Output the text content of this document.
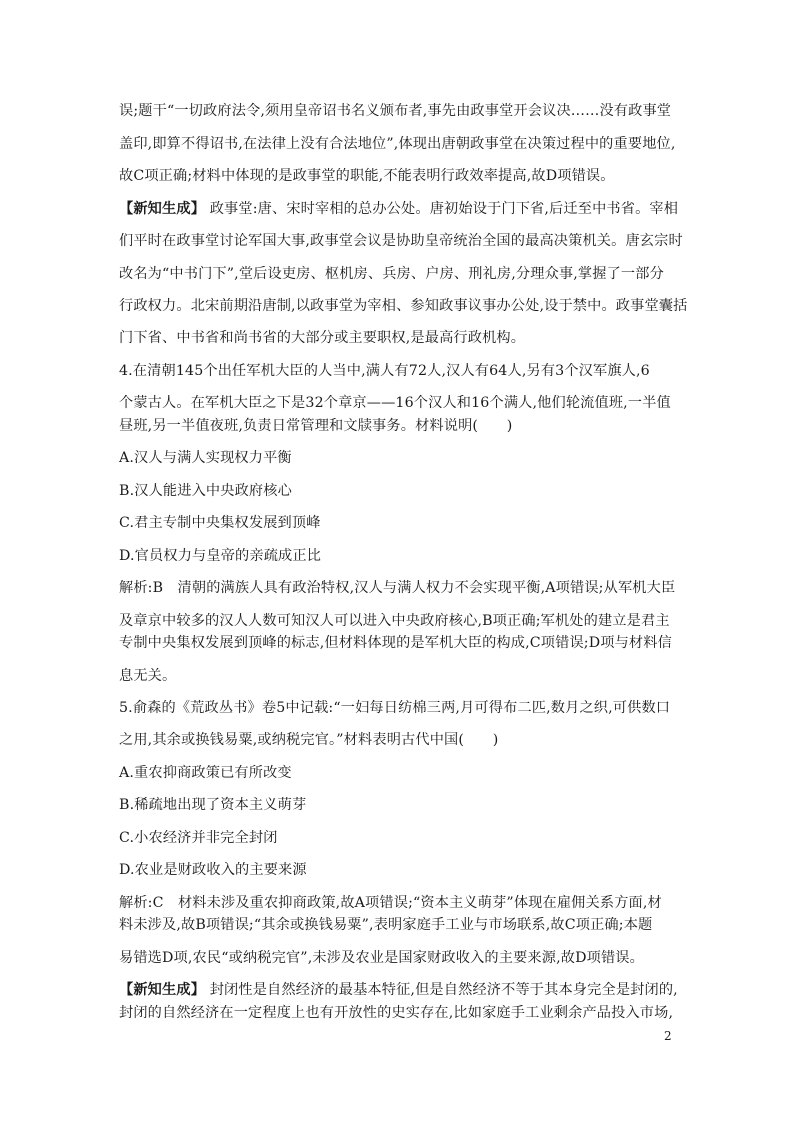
误;题干“一切政府法令,须用皇帝诏书名义颁布者,事先由政事堂开会议决……没有政事堂
盖印,即算不得诏书,在法律上没有合法地位”,体现出唐朝政事堂在决策过程中的重要地位,
故C项正确;材料中体现的是政事堂的职能,不能表明行政效率提高,故D项错误。
【新知生成】 政事堂:唐、宋时宰相的总办公处。唐初始设于门下省,后迁至中书省。宰相
们平时在政事堂讨论军国大事,政事堂会议是协助皇帝统治全国的最高决策机关。唐玄宗时
改名为“中书门下”,堂后设吏房、枢机房、兵房、户房、刑礼房,分理众事,掌握了一部分
行政权力。北宋前期沿唐制,以政事堂为宰相、参知政事议事办公处,设于禁中。政事堂囊括
门下省、中书省和尚书省的大部分或主要职权,是最高行政机构。
4.在清朝145个出任军机大臣的人当中,满人有72人,汉人有64人,另有3个汉军旗人,6
个蒙古人。在军机大臣之下是32个章京——16个汉人和16个满人,他们轮流值班,一半值
昼班,另一半值夜班,负责日常管理和文牍事务。材料说明(　　)
A.汉人与满人实现权力平衡
B.汉人能进入中央政府核心
C.君主专制中央集权发展到顶峰
D.官员权力与皇帝的亲疏成正比
解析:B　清朝的满族人具有政治特权,汉人与满人权力不会实现平衡,A项错误;从军机大臣
及章京中较多的汉人人数可知汉人可以进入中央政府核心,B项正确;军机处的建立是君主
专制中央集权发展到顶峰的标志,但材料体现的是军机大臣的构成,C项错误;D项与材料信
息无关。
5.俞森的《荒政丛书》卷5中记载:“一妇每日纺棉三两,月可得布二匹,数月之织,可供数口
之用,其余或换钱易粟,或纳税完官。”材料表明古代中国(　　)
A.重农抑商政策已有所改变
B.稀疏地出现了资本主义萌芽
C.小农经济并非完全封闭
D.农业是财政收入的主要来源
解析:C　材料未涉及重农抑商政策,故A项错误;“资本主义萌芽”体现在雇佣关系方面,材
料未涉及,故B项错误;“其余或换钱易粟”,表明家庭手工业与市场联系,故C项正确;本题
易错选D项,农民“或纳税完官”,未涉及农业是国家财政收入的主要来源,故D项错误。
【新知生成】 封闭性是自然经济的最基本特征,但是自然经济不等于其本身完全是封闭的,
封闭的自然经济在一定程度上也有开放性的史实存在,比如家庭手工业剩余产品投入市场,
2
